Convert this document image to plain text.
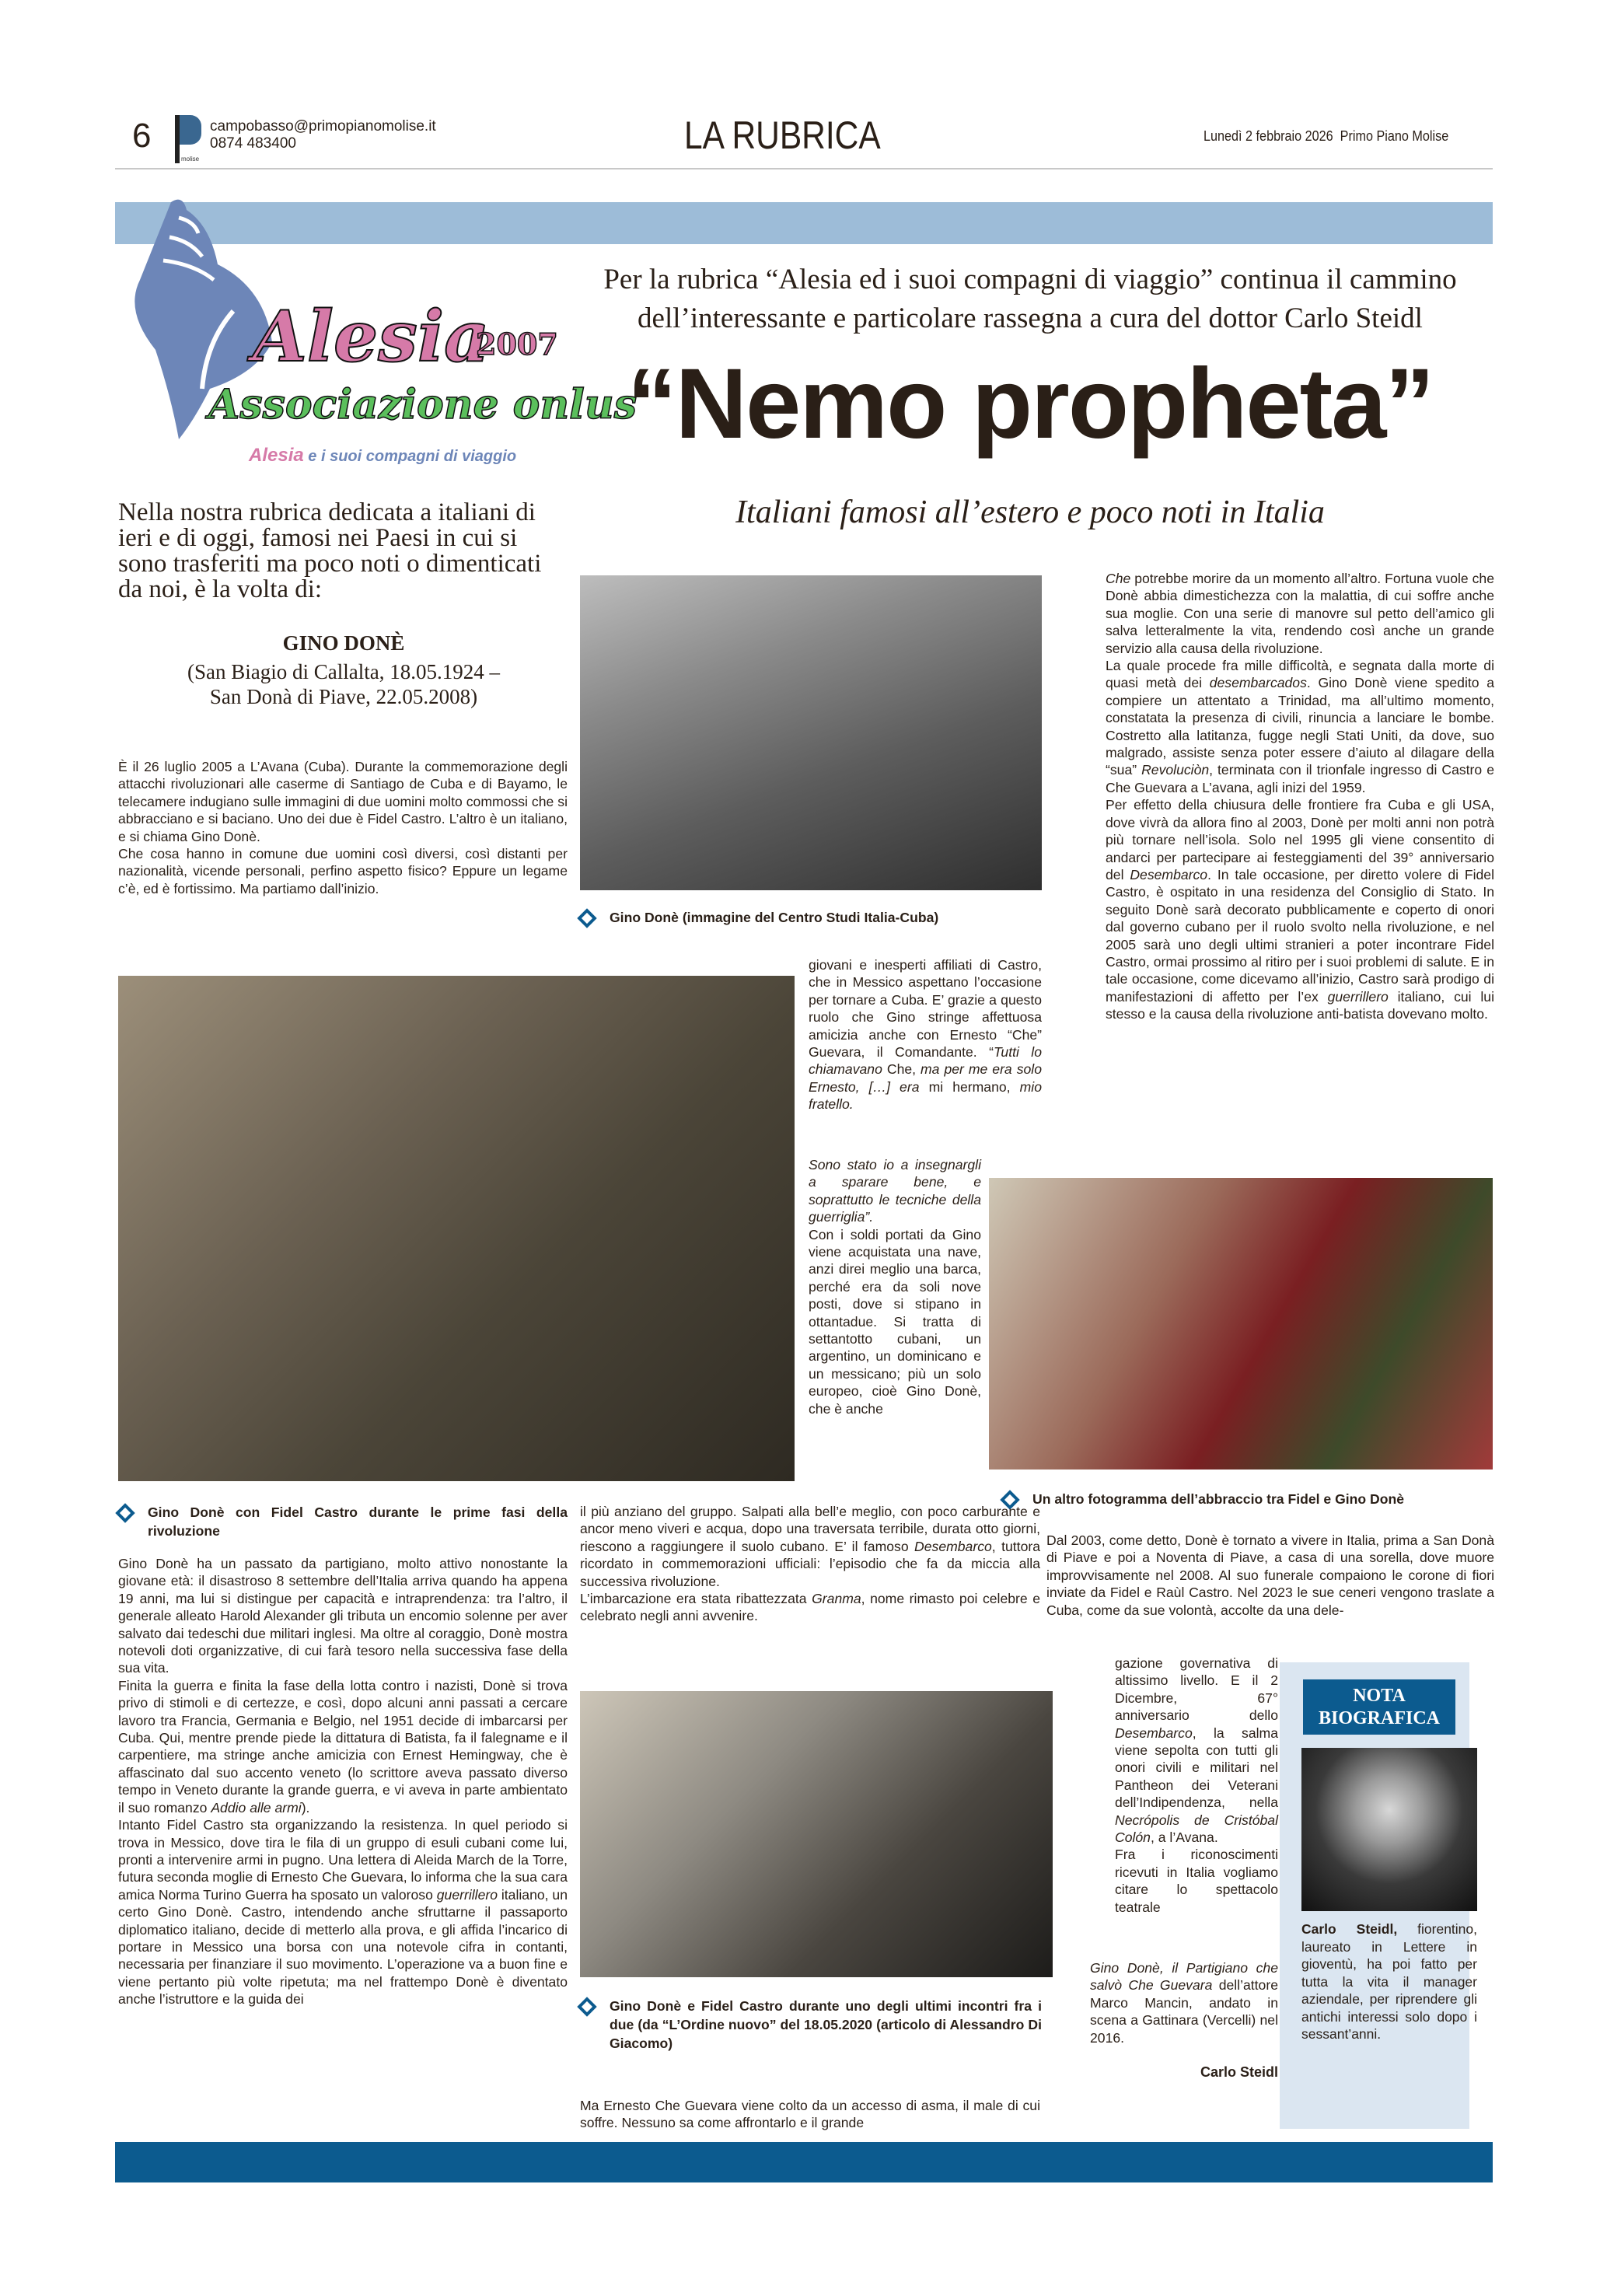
6
molise
campobasso@primopianomolise.it
0874 483400	LA RUBRICA	Lunedì 2 febbraio 2026 Primo Piano Molise
Alesia
2007
Associazione onlus
Alesia e i suoi compagni di viaggio
Per la rubrica “Alesia ed i suoi compagni di viaggio” continua il cammino dell’interessante e particolare rassegna a cura del dottor Carlo Steidl
“Nemo propheta”
Italiani famosi all’estero e poco noti in Italia
Nella nostra rubrica dedicata a italiani di ieri e di oggi, famosi nei Paesi in cui si sono trasferiti ma poco noti o dimenticati da noi, è la volta di:
GINO DONÈ
(San Biagio di Callalta, 18.05.1924 –
San Donà di Piave, 22.05.2008)

È il 26 luglio 2005 a L’Avana (Cuba). Durante la commemorazione degli attacchi rivoluzionari alle caserme di Santiago de Cuba e di Bayamo, le telecamere indugiano sulle immagini di due uomini molto commossi che si abbracciano e si baciano. Uno dei due è Fidel Castro. L’altro è un italiano, e si chiama Gino Donè.

Che cosa hanno in comune due uomini così diversi, così distanti per nazionalità, vicende personali, perfino aspetto fisico? Eppure un legame c’è, ed è fortissimo. Ma partiamo dall’inizio.

Gino Donè (immagine del Centro Studi Italia-Cuba)
Gino Donè con Fidel Castro durante le prime fasi della rivoluzione

Gino Donè ha un passato da partigiano, molto attivo nonostante la giovane età: il disastroso 8 settembre dell’Italia arriva quando ha appena 19 anni, ma lui si distingue per capacità e intraprendenza: tra l’altro, il generale alleato Harold Alexander gli tributa un encomio solenne per aver salvato dai tedeschi due militari inglesi. Ma oltre al coraggio, Donè mostra notevoli doti organizzative, di cui farà tesoro nella successiva fase della sua vita.

Finita la guerra e finita la fase della lotta contro i nazisti, Donè si trova privo di stimoli e di certezze, e così, dopo alcuni anni passati a cercare lavoro tra Francia, Germania e Belgio, nel 1951 decide di imbarcarsi per Cuba. Qui, mentre prende piede la dittatura di Batista, fa il falegname e il carpentiere, ma stringe anche amicizia con Ernest Hemingway, che è affascinato dal suo accento veneto (lo scrittore aveva passato diverso tempo in Veneto durante la grande guerra, e vi aveva in parte ambientato il suo romanzo Addio alle armi).

Intanto Fidel Castro sta organizzando la resistenza. In quel periodo si trova in Messico, dove tira le fila di un gruppo di esuli cubani come lui, pronti a intervenire armi in pugno. Una lettera di Aleida March de la Torre, futura seconda moglie di Ernesto Che Guevara, lo informa che la sua cara amica Norma Turino Guerra ha sposato un valoroso guerrillero italiano, un certo Gino Donè. Castro, intendendo anche sfruttarne il passaporto diplomatico italiano, decide di metterlo alla prova, e gli affida l’incarico di portare in Messico una borsa con una notevole cifra in contanti, necessaria per finanziare il suo movimento. L’operazione va a buon fine e viene pertanto più volte ripetuta; ma nel frattempo Donè è diventato anche l’istruttore e la guida dei

giovani e inesperti affiliati di Castro, che in Messico aspettano l’occasione per tornare a Cuba. E’ grazie a questo ruolo che Gino stringe affettuosa amicizia anche con Ernesto “Che” Guevara, il Comandante. “Tutti lo chiamavano Che, ma per me era solo Ernesto, […] era mi hermano, mio fratello.

Sono stato io a insegnargli a sparare bene, e soprattutto le tecniche della guerriglia”.

Con i soldi portati da Gino viene acquistata una nave, anzi direi meglio una barca, perché era da soli nove posti, dove si stipano in ottantadue. Si tratta di settantotto cubani, un argentino, un dominicano e un messicano; più un solo europeo, cioè Gino Donè, che è anche

Un altro fotogramma dell’abbraccio tra Fidel e Gino Donè

il più anziano del gruppo. Salpati alla bell’e meglio, con poco carburante e ancor meno viveri e acqua, dopo una traversata terribile, durata otto giorni, riescono a raggiungere il suolo cubano. E’ il famoso Desembarco, tuttora ricordato in commemorazioni ufficiali: l’episodio che fa da miccia alla successiva rivoluzione.

L’imbarcazione era stata ribattezzata Granma, nome rimasto poi celebre e celebrato negli anni avvenire.

Gino Donè e Fidel Castro durante uno degli ultimi incontri fra i due (da “L’Ordine nuovo” del 18.05.2020 (articolo di Alessandro Di Giacomo)

Ma Ernesto Che Guevara viene colto da un accesso di asma, il male di cui soffre. Nessuno sa come affrontarlo e il grande

Che potrebbe morire da un momento all’altro. Fortuna vuole che Donè abbia dimestichezza con la malattia, di cui soffre anche sua moglie. Con una serie di manovre sul petto dell’amico gli salva letteralmente la vita, rendendo così anche un grande servizio alla causa della rivoluzione.

La quale procede fra mille difficoltà, e segnata dalla morte di quasi metà dei desembarcados. Gino Donè viene spedito a compiere un attentato a Trinidad, ma all’ultimo momento, constatata la presenza di civili, rinuncia a lanciare le bombe. Costretto alla latitanza, fugge negli Stati Uniti, da dove, suo malgrado, assiste senza poter essere d’aiuto al dilagare della “sua” Revoluciòn, terminata con il trionfale ingresso di Castro e Che Guevara a L’avana, agli inizi del 1959.

Per effetto della chiusura delle frontiere fra Cuba e gli USA, dove vivrà da allora fino al 2003, Donè per molti anni non potrà più tornare nell’isola. Solo nel 1995 gli viene consentito di andarci per partecipare ai festeggiamenti del 39° anniversario del Desembarco. In tale occasione, per diretto volere di Fidel Castro, è ospitato in una residenza del Consiglio di Stato. In seguito Donè sarà decorato pubblicamente e coperto di onori dal governo cubano per il ruolo svolto nella rivoluzione, e nel 2005 sarà uno degli ultimi stranieri a poter incontrare Fidel Castro, ormai prossimo al ritiro per i suoi problemi di salute. E in tale occasione, come dicevamo all’inizio, Castro sarà prodigo di manifestazioni di affetto per l’ex guerrillero italiano, cui lui stesso e la causa della rivoluzione anti-batista dovevano molto.

Dal 2003, come detto, Donè è tornato a vivere in Italia, prima a San Donà di Piave e poi a Noventa di Piave, a casa di una sorella, dove muore improvvisamente nel 2008. Al suo funerale compaiono le corone di fiori inviate da Fidel e Raùl Castro. Nel 2023 le sue ceneri vengono traslate a Cuba, come da sue volontà, accolte da una dele-

gazione governativa di altissimo livello. E il 2 Dicembre, 67° anniversario dello Desembarco, la salma viene sepolta con tutti gli onori civili e militari nel Pantheon dei Veterani dell’Indipendenza, nella Necrópolis de Cristóbal Colón, a l’Avana.

Fra i riconoscimenti ricevuti in Italia vogliamo citare lo spettacolo teatrale

Gino Donè, il Partigiano che salvò Che Guevara dell’attore Marco Mancin, andato in scena a Gattinara (Vercelli) nel 2016.

Carlo Steidl
NOTA
BIOGRAFICA
Carlo Steidl, fiorentino, laureato in Lettere in gioventù, ha poi fatto per tutta la vita il manager aziendale, per riprendere gli antichi interessi solo dopo i sessant’anni.
